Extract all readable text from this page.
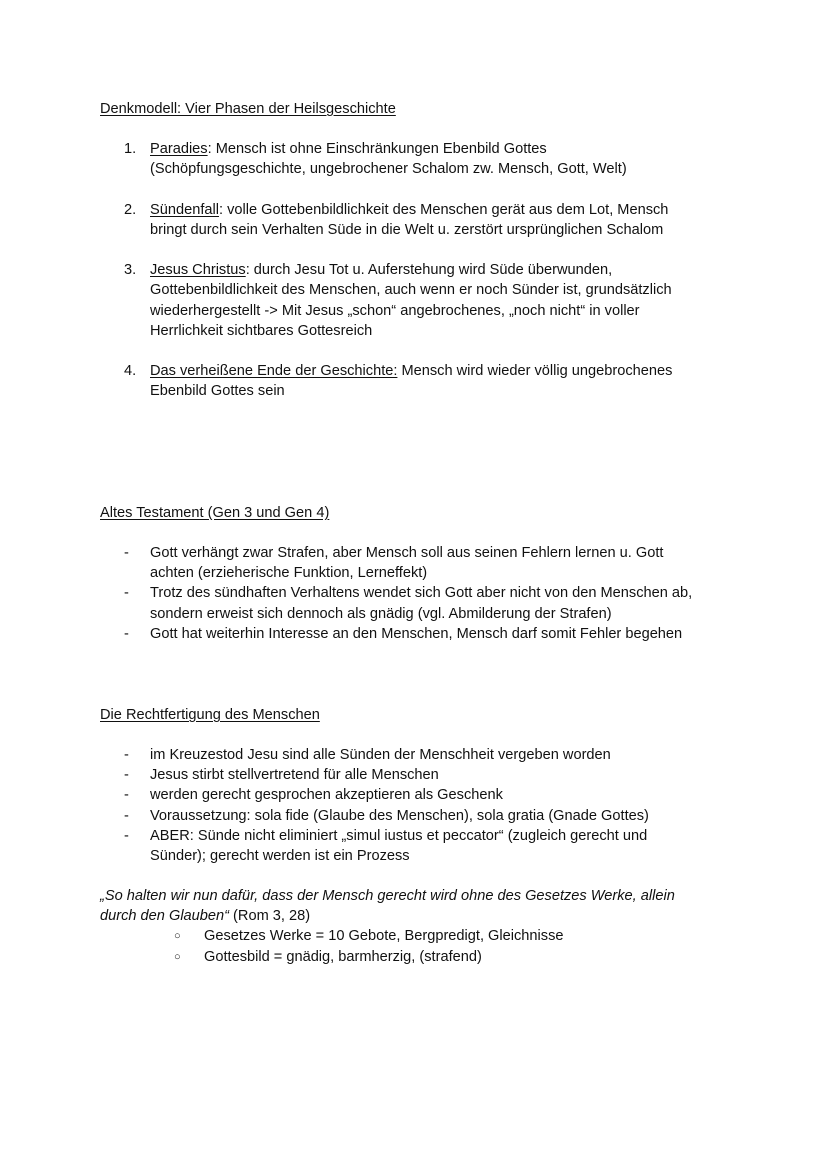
Denkmodell: Vier Phasen der Heilsgeschichte
1. Paradies: Mensch ist ohne Einschränkungen Ebenbild Gottes
(Schöpfungsgeschichte, ungebrochener Schalom zw. Mensch, Gott, Welt)
2. Sündenfall: volle Gottebenbildlichkeit des Menschen gerät aus dem Lot, Mensch
bringt durch sein Verhalten Süde in die Welt u. zerstört ursprünglichen Schalom
3. Jesus Christus: durch Jesu Tot u. Auferstehung wird Süde überwunden,
Gottebenbildlichkeit des Menschen, auch wenn er noch Sünder ist, grundsätzlich
wiederhergestellt -> Mit Jesus „schon“ angebrochenes, „noch nicht“ in voller
Herrlichkeit sichtbares Gottesreich
4. Das verheißene Ende der Geschichte: Mensch wird wieder völlig ungebrochenes
Ebenbild Gottes sein
Altes Testament (Gen 3 und Gen 4)
- Gott verhängt zwar Strafen, aber Mensch soll aus seinen Fehlern lernen u. Gott
achten (erzieherische Funktion, Lerneffekt)
- Trotz des sündhaften Verhaltens wendet sich Gott aber nicht von den Menschen ab,
sondern erweist sich dennoch als gnädig (vgl. Abmilderung der Strafen)
- Gott hat weiterhin Interesse an den Menschen, Mensch darf somit Fehler begehen
Die Rechtfertigung des Menschen
- im Kreuzestod Jesu sind alle Sünden der Menschheit vergeben worden
- Jesus stirbt stellvertretend für alle Menschen
- werden gerecht gesprochen akzeptieren als Geschenk
- Voraussetzung: sola fide (Glaube des Menschen), sola gratia (Gnade Gottes)
- ABER: Sünde nicht eliminiert „simul iustus et peccator“ (zugleich gerecht und
Sünder); gerecht werden ist ein Prozess
„So halten wir nun dafür, dass der Mensch gerecht wird ohne des Gesetzes Werke, allein
durch den Glauben“ (Rom 3, 28)
○ Gesetzes Werke = 10 Gebote, Bergpredigt, Gleichnisse
○ Gottesbild = gnädig, barmherzig, (strafend)
